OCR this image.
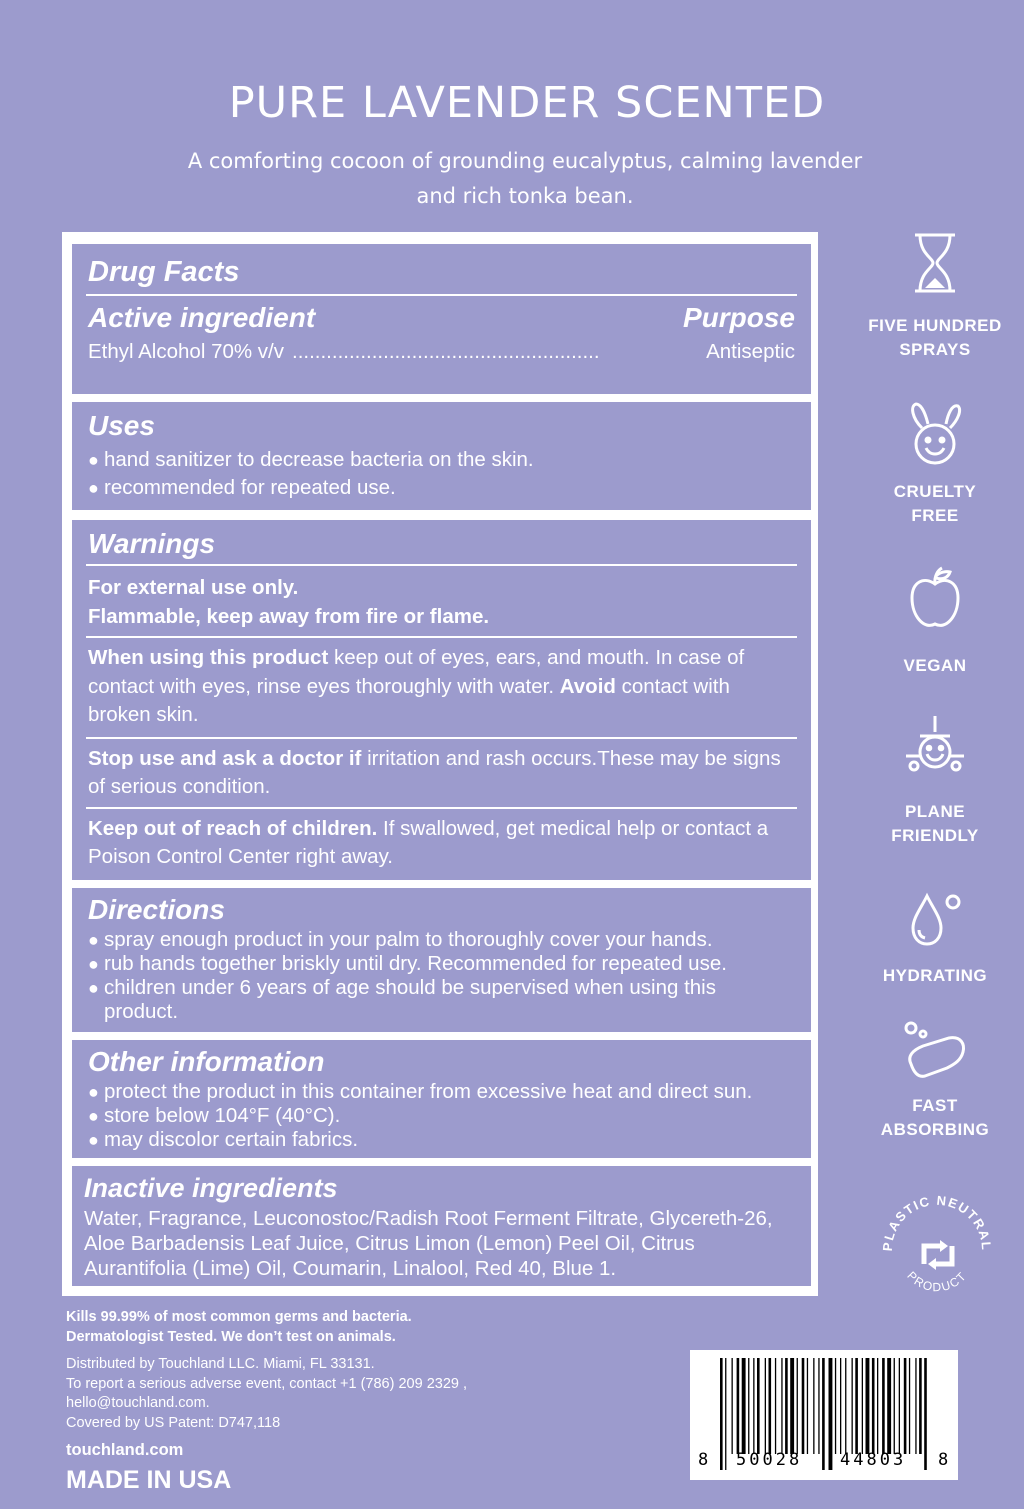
PURE LAVENDER SCENTED
A comforting cocoon of grounding eucalyptus, calming lavender
and rich tonka bean.
Drug Facts
Active ingredient	Purpose
Ethyl Alcohol 70% v/v ......................................................	Antiseptic
Uses
● hand sanitizer to decrease bacteria on the skin.
● recommended for repeated use.
Warnings

For external use only.

Flammable, keep away from fire or flame.

When using this product keep out of eyes, ears, and mouth. In case of contact with eyes, rinse eyes thoroughly with water. Avoid contact with broken skin.

Stop use and ask a doctor if irritation and rash occurs.These may be signs of serious condition.

Keep out of reach of children. If swallowed, get medical help or contact a Poison Control Center right away.

Directions
● spray enough product in your palm to thoroughly cover your hands.
● rub hands together briskly until dry. Recommended for repeated use.
● children under 6 years of age should be supervised when using this product.
Other information
● protect the product in this container from excessive heat and direct sun.
● store below 104°F (40°C).
● may discolor certain fabrics.
Inactive ingredients

Water, Fragrance, Leuconostoc/Radish Root Ferment Filtrate, Glycereth-26, Aloe Barbadensis Leaf Juice, Citrus Limon (Lemon) Peel Oil, Citrus Aurantifolia (Lime) Oil, Coumarin, Linalool, Red 40, Blue 1.

FIVE HUNDRED
SPRAYS
CRUELTY
FREE
VEGAN
PLANE
FRIENDLY
HYDRATING
FAST
ABSORBING
PLASTIC NEUTRAL
PRODUCT
Kills 99.99% of most common germs and bacteria.
Dermatologist Tested. We don’t test on animals.
Distributed by Touchland LLC. Miami, FL 33131.
To report a serious adverse event, contact +1 (786) 209 2329 ,
hello@touchland.com.
Covered by US Patent: D747,118
touchland.com
MADE IN USA
8 50028 44803 8
